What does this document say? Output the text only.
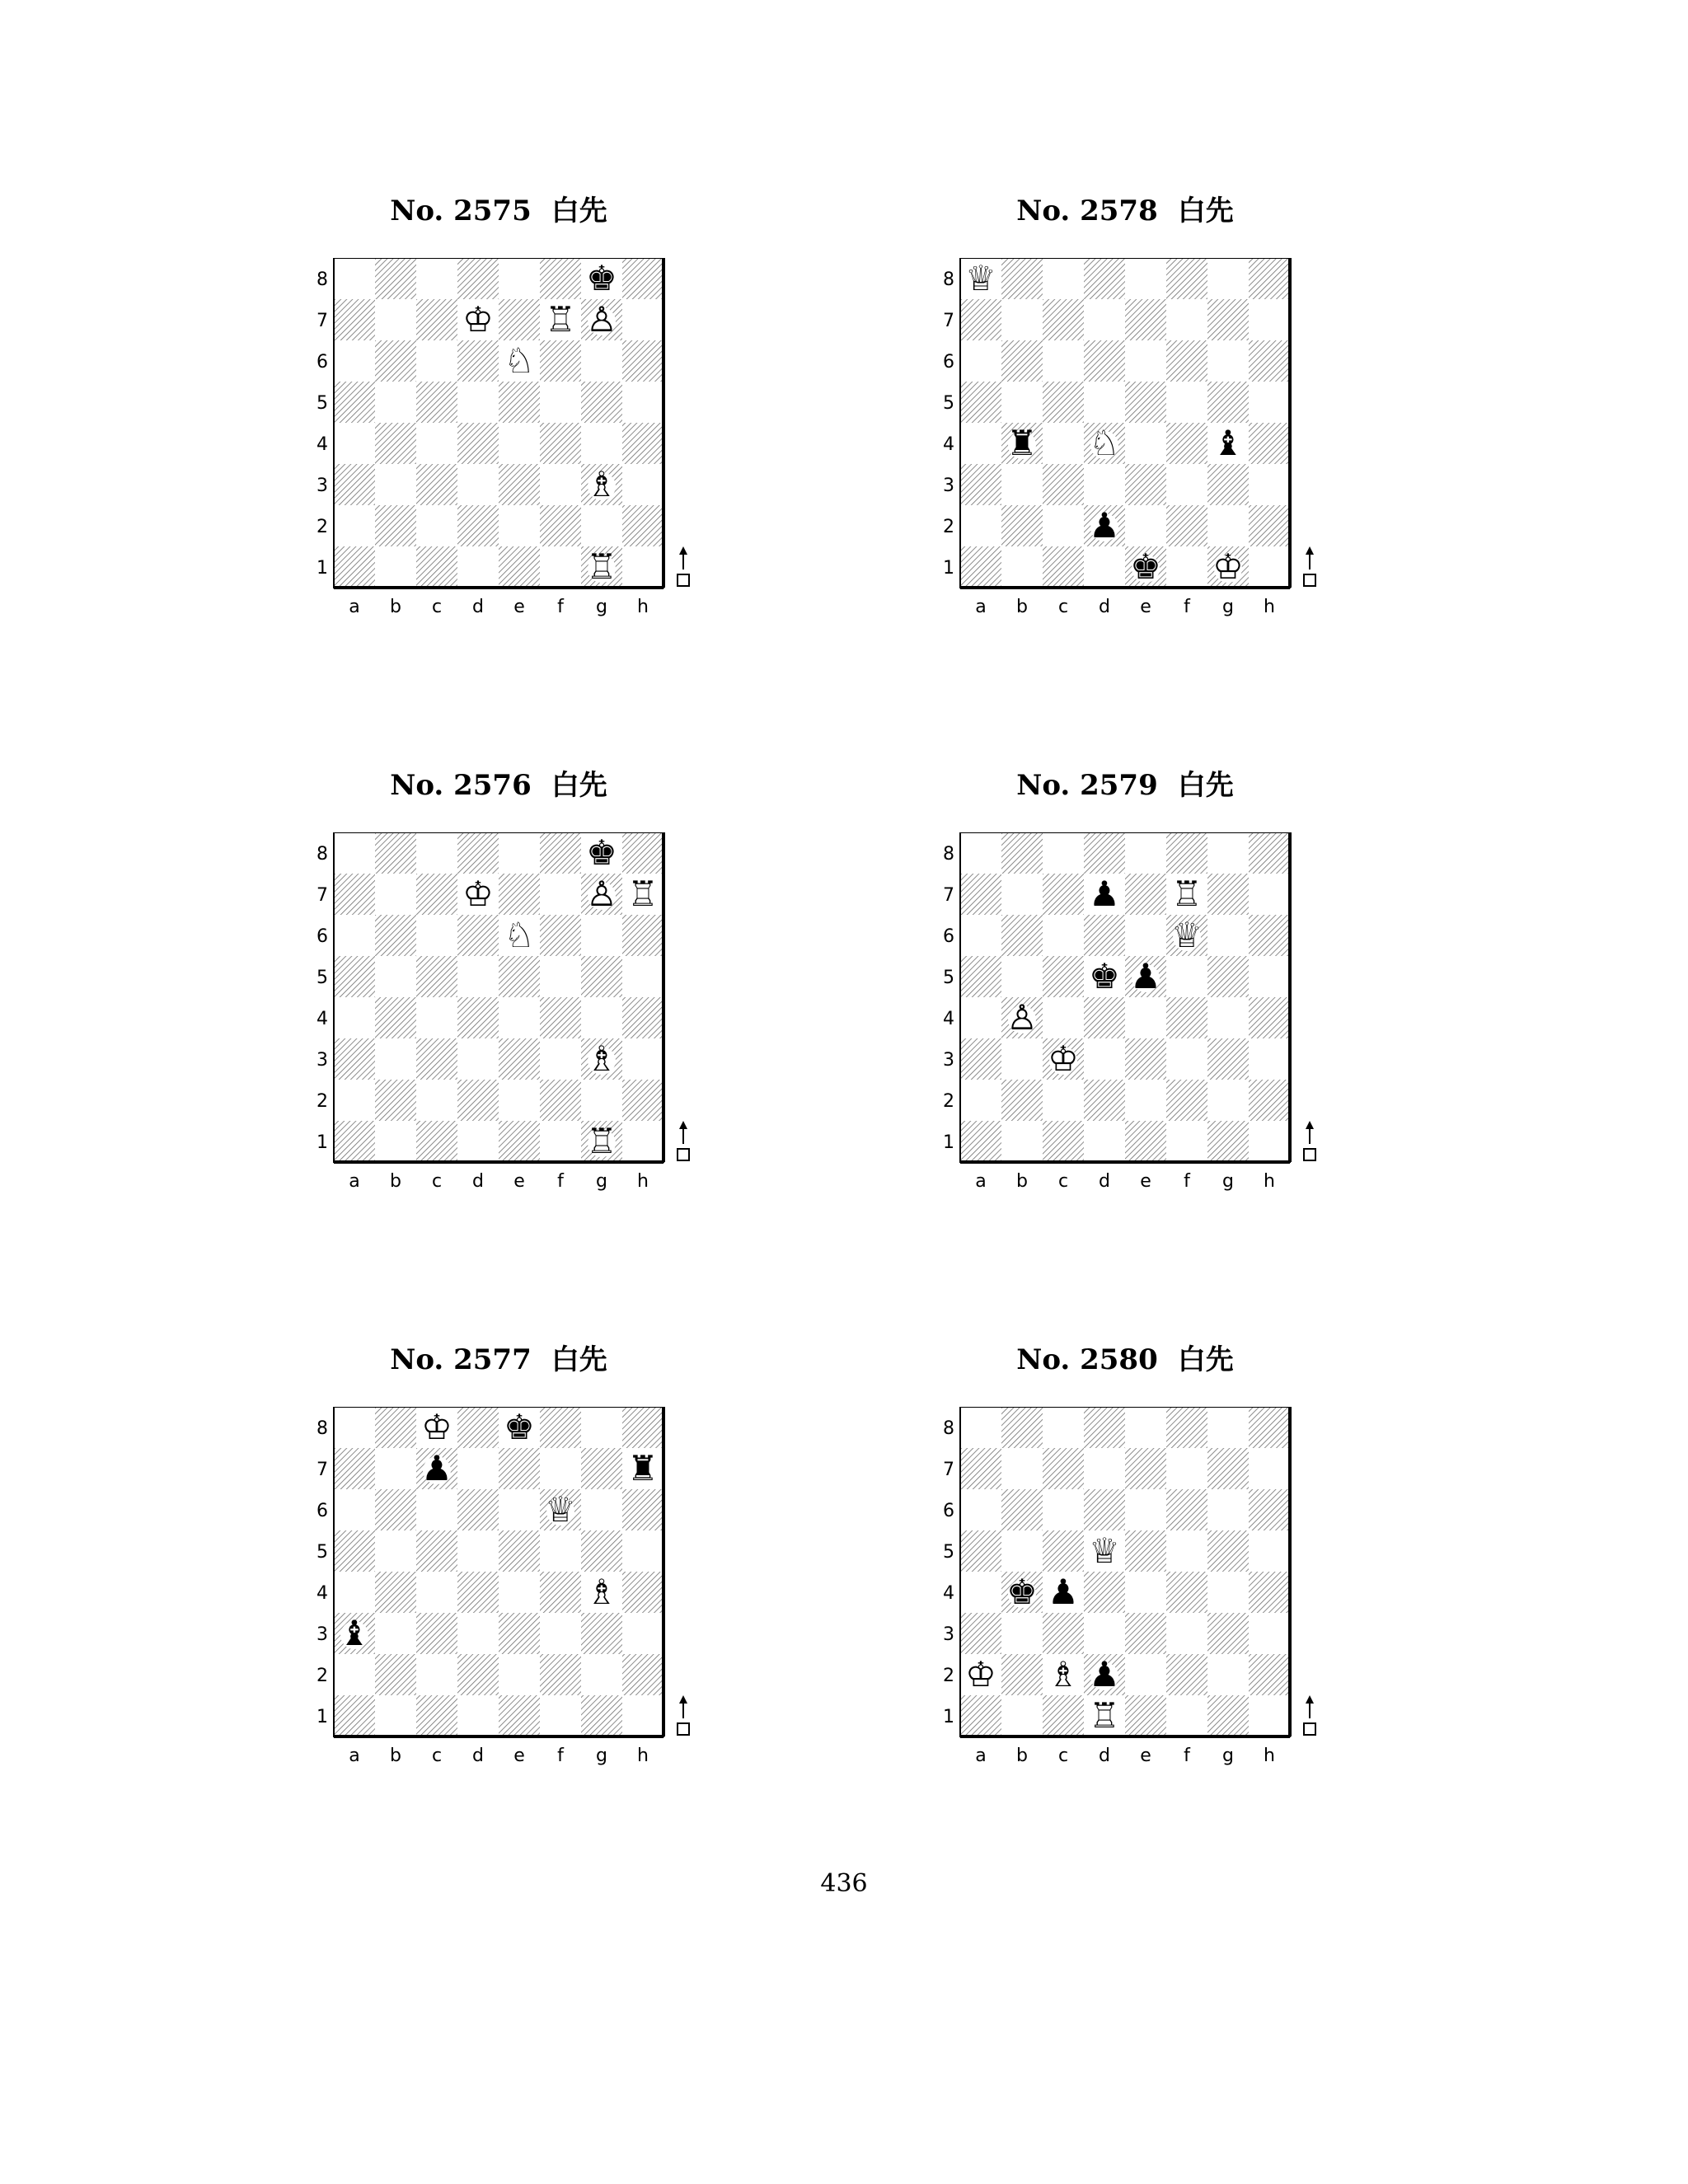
No. 2575 白先
8
7
6
5
4
3
2
1
a b c d e f g h
♚
♔ ♖ ♙
♘
♗
♖
No. 2578 白先
8
7
6
5
4
3
2
1
a b c d e f g h
♕
♜ ♘	♝
♟
♚ ♔
No. 2576 白先
8
7
6
5
4
3
2
1
a b c d e f g h
♚
♔	♙ ♖
♘
♗
♖
No. 2579 白先
8
7
6
5
4
3
2
1
a b c d e f g h
♟ ♖
♕
♚ ♟
♙
♔
No. 2577 白先
8
7
6
5
4
3
2
1
a b c d e f g h
♔ ♚
♟	♜
♕
♗
♝
No. 2580 白先
8
7
6
5
4
3
2
1
a b c d e f g h
♕
♚ ♟
♔ ♗ ♟
♖
436
